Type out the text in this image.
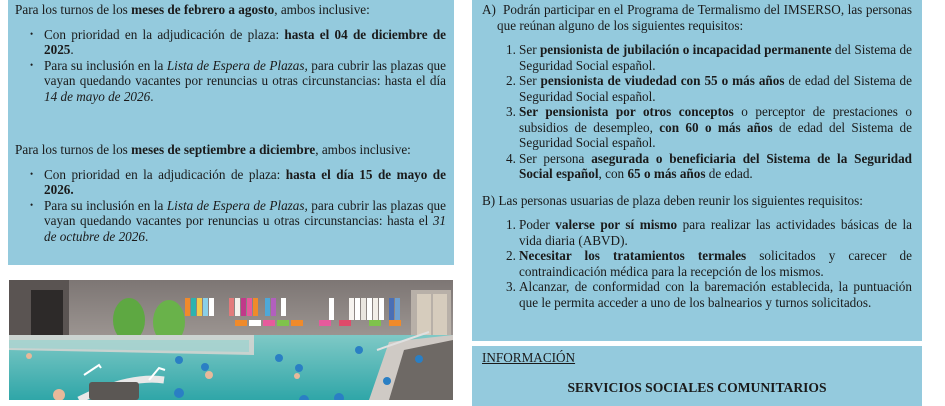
Para los turnos de los meses de febrero a agosto, ambos inclusive:

• Con prioridad en la adjudicación de plaza: hasta el 04 de diciembre de 2025.
• Para su inclusión en la Lista de Espera de Plazas, para cubrir las plazas que vayan quedando vacantes por renuncias u otras circunstancias: hasta el día 14 de mayo de 2026.

Para los turnos de los meses de septiembre a diciembre, ambos inclusive:

• Con prioridad en la adjudicación de plaza: hasta el día 15 de mayo de 2026.
• Para su inclusión en la Lista de Espera de Plazas, para cubrir las plazas que vayan quedando vacantes por renuncias u otras circunstancias: hasta el 31 de octubre de 2026.

A) Podrán participar en el Programa de Termalismo del IMSERSO, las personas que reúnan alguno de los siguientes requisitos:

1. Ser pensionista de jubilación o incapacidad permanente del Sistema de Seguridad Social español.
2. Ser pensionista de viudedad con 55 o más años de edad del Sistema de Seguridad Social español.
3. Ser pensionista por otros conceptos o perceptor de prestaciones o subsidios de desempleo, con 60 o más años de edad del Sistema de Seguridad Social español.
4. Ser persona asegurada o beneficiaria del Sistema de la Seguridad Social español, con 65 o más años de edad.

B) Las personas usuarias de plaza deben reunir los siguientes requisitos:

1. Poder valerse por sí mismo para realizar las actividades básicas de la vida diaria (ABVD).
2. Necesitar los tratamientos termales solicitados y carecer de contraindicación médica para la recepción de los mismos.
3. Alcanzar, de conformidad con la baremación establecida, la puntuación que le permita acceder a uno de los balnearios y turnos solicitados.

INFORMACIÓN

SERVICIOS SOCIALES COMUNITARIOS
